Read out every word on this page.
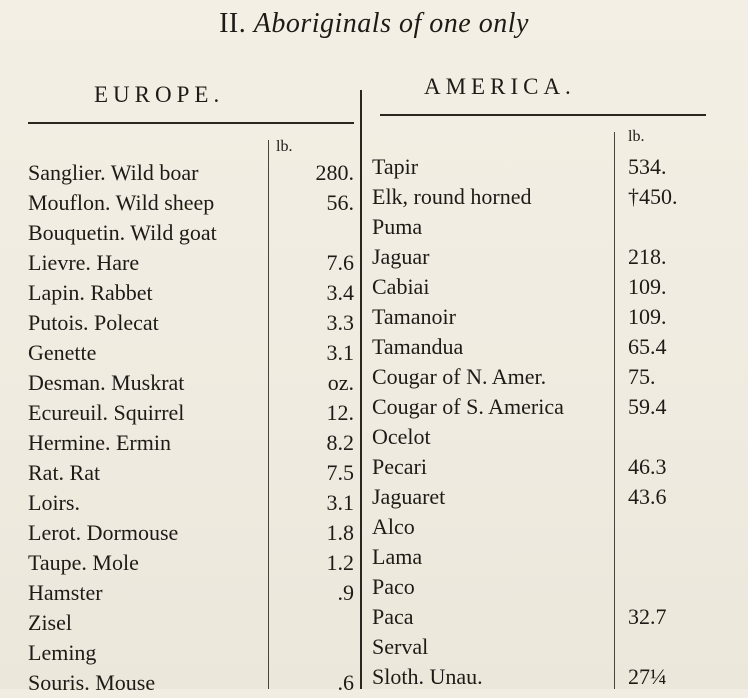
II. Aboriginals of one only
EUROPE.	AMERICA.
lb.
lb.
Sanglier. Wild boar	280.
Mouflon. Wild sheep	56.
Bouquetin. Wild goat
Lievre. Hare	7.6
Lapin. Rabbet	3.4
Putois. Polecat	3.3
Genette	3.1
Desman. Muskrat	oz.
Ecureuil. Squirrel	12.
Hermine. Ermin	8.2
Rat. Rat	7.5
Loirs.	3.1
Lerot. Dormouse	1.8
Taupe. Mole	1.2
Hamster	.9
Zisel
Leming
Souris. Mouse	.6
Tapir	534.
Elk, round horned	†450.
Puma
Jaguar	218.
Cabiai	109.
Tamanoir	109.
Tamandua	65.4
Cougar of N. Amer.	75.
Cougar of S. America	59.4
Ocelot
Pecari	46.3
Jaguaret	43.6
Alco
Lama
Paco
Paca	32.7
Serval
Sloth. Unau.	27¼
